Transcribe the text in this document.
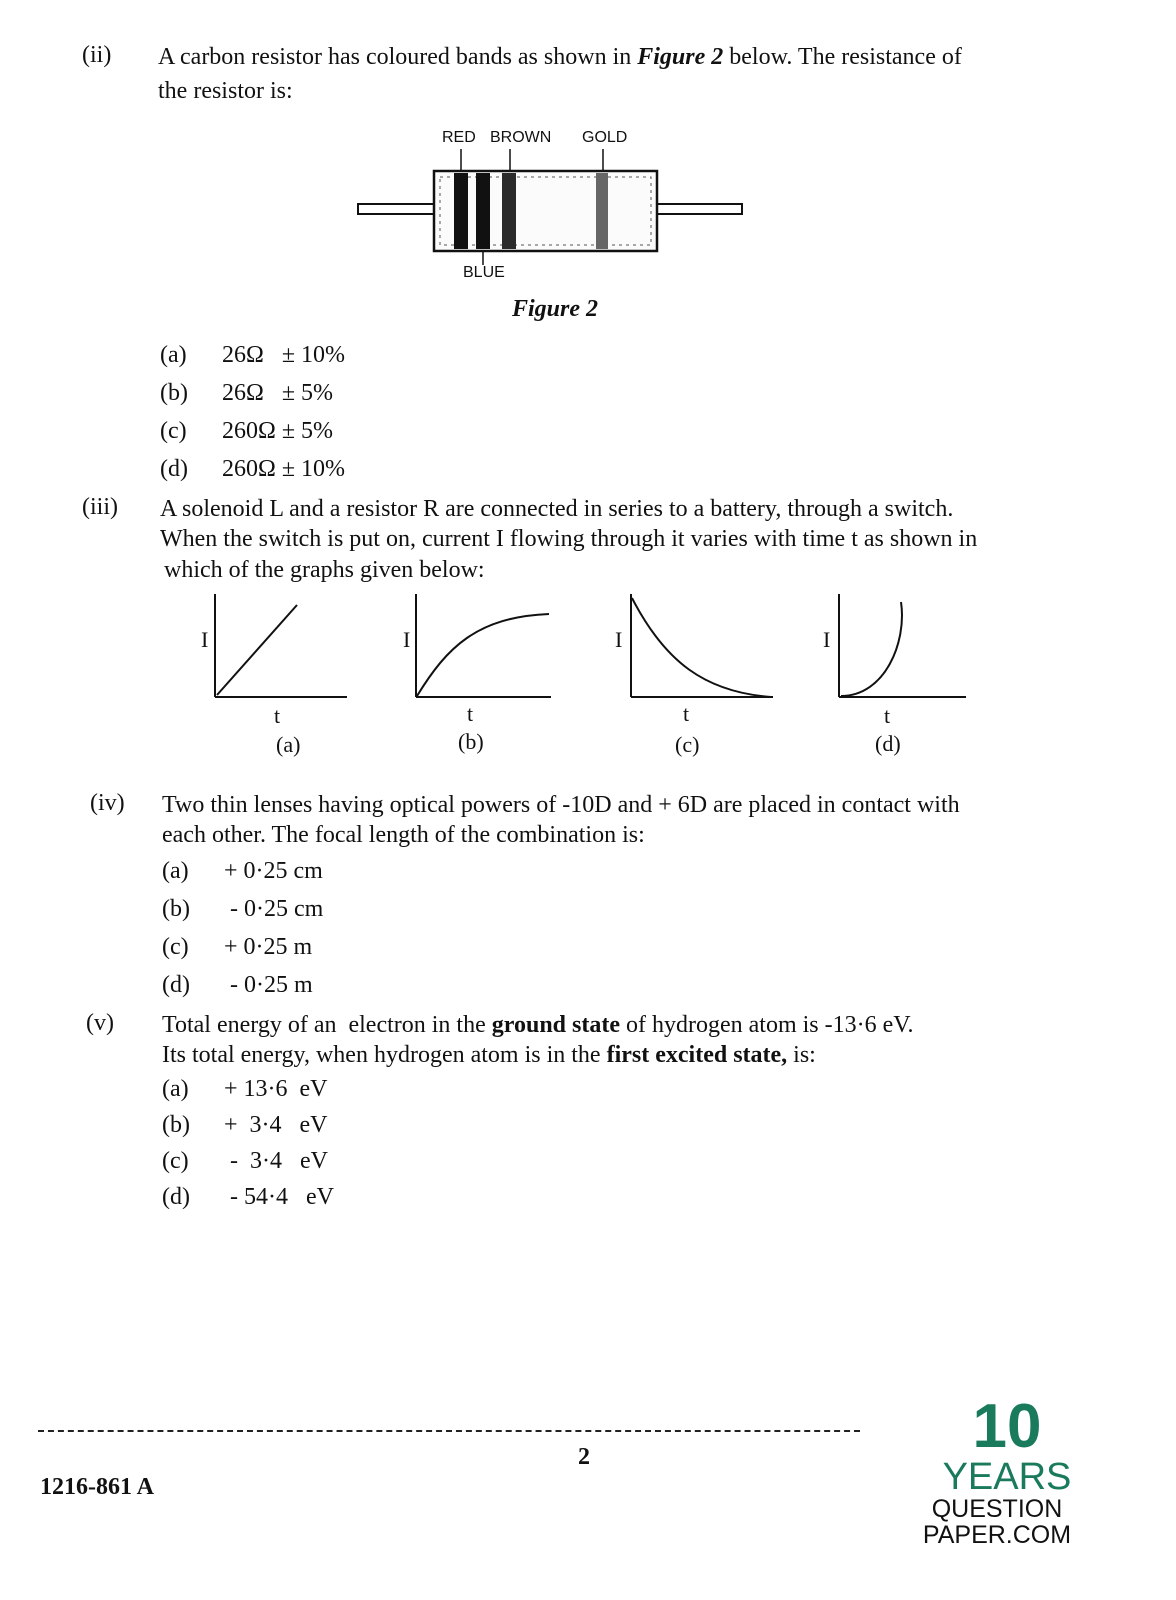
(ii) A carbon resistor has coloured bands as shown in Figure 2 below. The resistance of
the resistor is:
RED BROWN GOLD
BLUE
Figure 2
(a) 26Ω   ± 10%
(b) 26Ω   ± 5%
(c) 260Ω ± 5%
(d) 260Ω ± 10%
(iii) A solenoid L and a resistor R are connected in series to a battery, through a switch.
When the switch is put on, current I flowing through it varies with time t as shown in
which of the graphs given below:
I
t
(a)
I
t
(b)
I
t
(c)
I
t
(d)
(iv) Two thin lenses having optical powers of -10D and + 6D are placed in contact with
each other. The focal length of the combination is:
(a) + 0·25 cm
(b) - 0·25 cm
(c) + 0·25 m
(d) - 0·25 m
(v) Total energy of an  electron in the ground state of hydrogen atom is -13·6 eV.
Its total energy, when hydrogen atom is in the first excited state, is:
(a) + 13·6  eV
(b) +  3·4   eV
(c) -  3·4   eV
(d) - 54·4   eV
2
1216-861 A
10
YEARS
QUESTION PAPER.COM
